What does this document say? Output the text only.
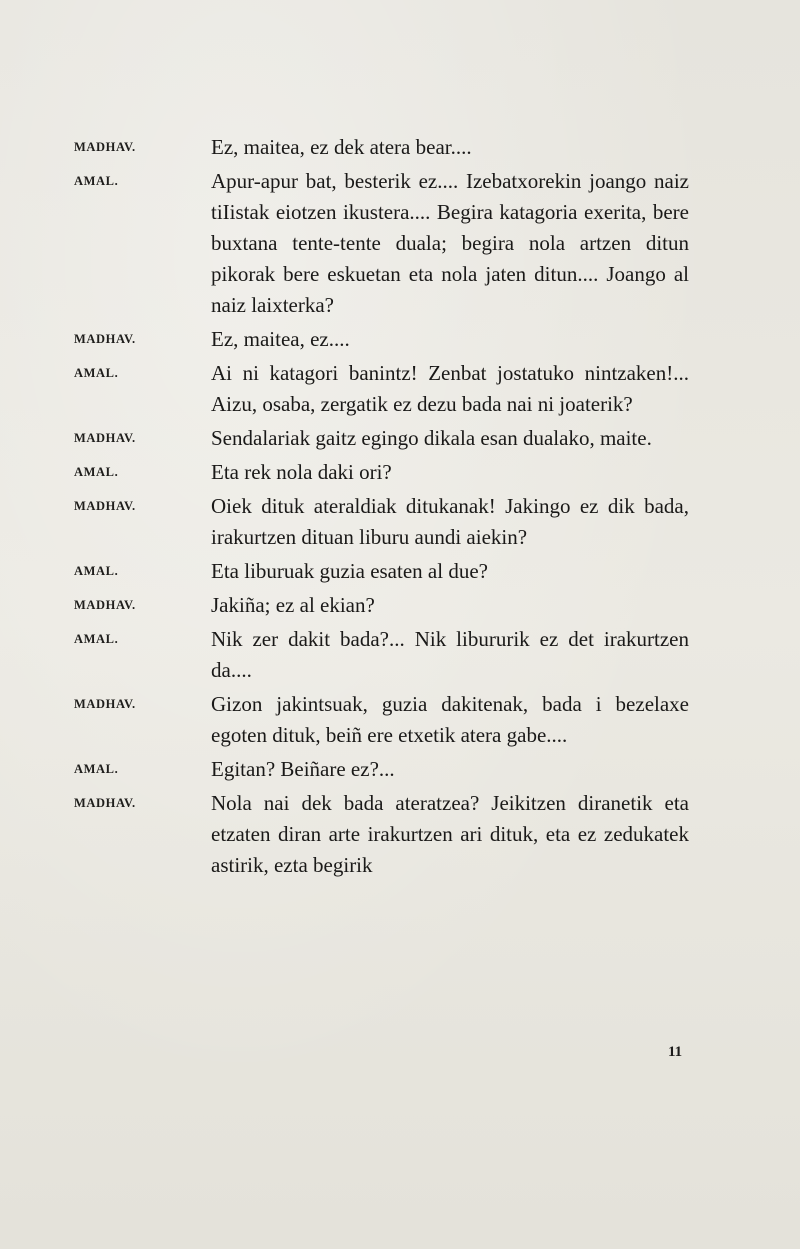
MADHAV.	Ez, maitea, ez dek atera bear....
AMAL.	Apur-apur bat, besterik ez.... Izebatxorekin joango naiz tiIistak eiotzen ikustera.... Begira katagoria exerita, bere buxtana tente-tente duala; begira nola artzen ditun pikorak bere eskuetan eta nola jaten ditun.... Joango al naiz laixterka?
MADHAV.	Ez, maitea, ez....
AMAL.	Ai ni katagori banintz! Zenbat jostatuko nintzaken!... Aizu, osaba, zergatik ez dezu bada nai ni joaterik?
MADHAV.	Sendalariak gaitz egingo dikala esan dualako, maite.
AMAL.	Eta rek nola daki ori?
MADHAV.	Oiek dituk ateraldiak ditukanak! Jakingo ez dik bada, irakurtzen dituan liburu aundi aiekin?
AMAL.	Eta liburuak guzia esaten al due?
MADHAV.	Jakiña; ez al ekian?
AMAL.	Nik zer dakit bada?... Nik libururik ez det irakurtzen da....
MADHAV.	Gizon jakintsuak, guzia dakitenak, bada i bezelaxe egoten dituk, beiñ ere etxetik atera gabe....
AMAL.	Egitan? Beiñare ez?...
MADHAV.	Nola nai dek bada ateratzea? Jeikitzen diranetik eta etzaten diran arte irakurtzen ari dituk, eta ez zedukatek astirik, ezta begirik
11
